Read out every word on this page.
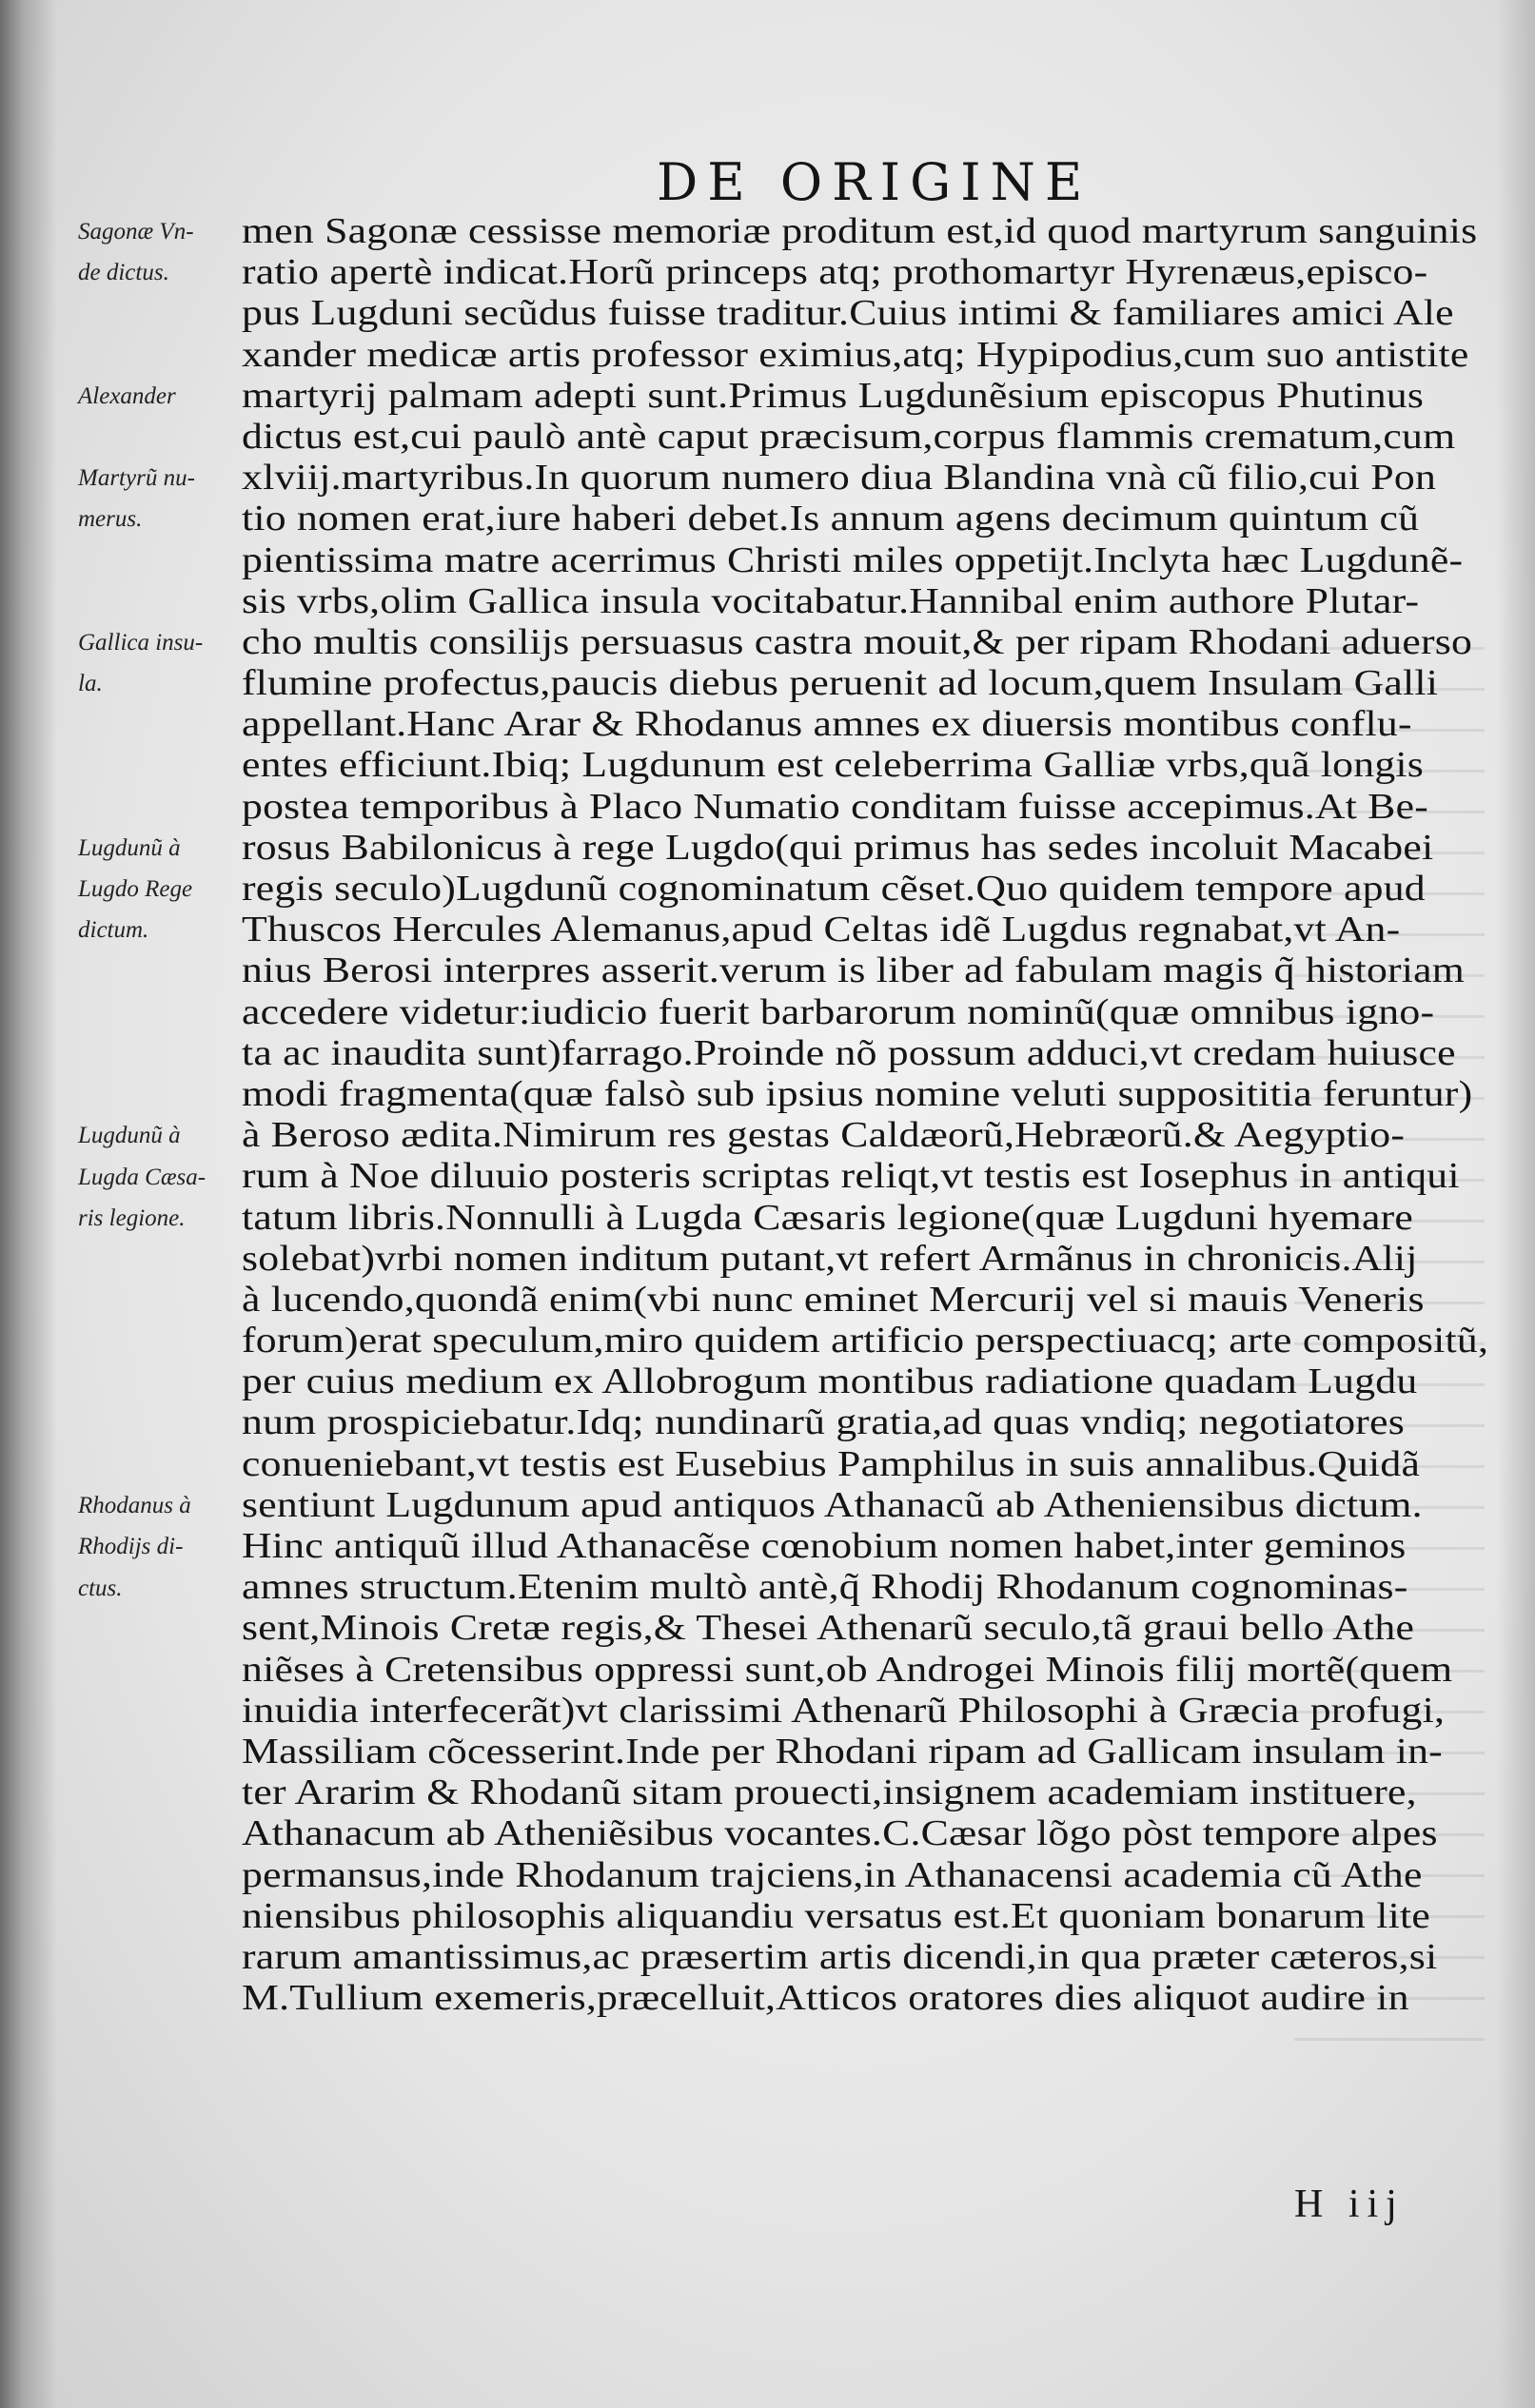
DE ORIGINE
Sagonæ Vn-
de dictus.
Alexander
Martyrũ nu-
merus.
Gallica insu-
la.
Lugdunũ à
Lugdo Rege
dictum.
Lugdunũ à
Lugda Cæsa-
ris legione.
Rhodanus à
Rhodijs di-
ctus.
men Sagonæ cessisse memoriæ proditum est,id quod martyrum sanguinis
ratio apertè indicat.Horũ princeps atq; prothomartyr Hyrenæus,episco-
pus Lugduni secũdus fuisse traditur.Cuius intimi & familiares amici Ale
xander medicæ artis professor eximius,atq; Hypipodius,cum suo antistite
martyrij palmam adepti sunt.Primus Lugdunẽsium episcopus Phutinus
dictus est,cui paulò antè caput præcisum,corpus flammis crematum,cum
xlviij.martyribus.In quorum numero diua Blandina vnà cũ filio,cui Pon
tio nomen erat,iure haberi debet.Is annum agens decimum quintum cũ
pientissima matre acerrimus Christi miles oppetijt.Inclyta hæc Lugdunẽ-
sis vrbs,olim Gallica insula vocitabatur.Hannibal enim authore Plutar-
cho multis consilijs persuasus castra mouit,& per ripam Rhodani aduerso
flumine profectus,paucis diebus peruenit ad locum,quem Insulam Galli
appellant.Hanc Arar & Rhodanus amnes ex diuersis montibus conflu-
entes efficiunt.Ibiq; Lugdunum est celeberrima Galliæ vrbs,quã longis
postea temporibus à Placo Numatio conditam fuisse accepimus.At Be-
rosus Babilonicus à rege Lugdo(qui primus has sedes incoluit Macabei
regis seculo)Lugdunũ cognominatum cẽset.Quo quidem tempore apud
Thuscos Hercules Alemanus,apud Celtas idẽ Lugdus regnabat,vt An-
nius Berosi interpres asserit.verum is liber ad fabulam magis q̃ historiam
accedere videtur:iudicio fuerit barbarorum nominũ(quæ omnibus igno-
ta ac inaudita sunt)farrago.Proinde nõ possum adduci,vt credam huiusce
modi fragmenta(quæ falsò sub ipsius nomine veluti supposititia feruntur)
à Beroso ædita.Nimirum res gestas Caldæorũ,Hebræorũ.& Aegyptio-
rum à Noe diluuio posteris scriptas reliqt,vt testis est Iosephus in antiqui
tatum libris.Nonnulli à Lugda Cæsaris legione(quæ Lugduni hyemare
solebat)vrbi nomen inditum putant,vt refert Armãnus in chronicis.Alij
à lucendo,quondã enim(vbi nunc eminet Mercurij vel si mauis Veneris
forum)erat speculum,miro quidem artificio perspectiuacq; arte compositũ,
per cuius medium ex Allobrogum montibus radiatione quadam Lugdu
num prospiciebatur.Idq; nundinarũ gratia,ad quas vndiq; negotiatores
conueniebant,vt testis est Eusebius Pamphilus in suis annalibus.Quidã
sentiunt Lugdunum apud antiquos Athanacũ ab Atheniensibus dictum.
Hinc antiquũ illud Athanacẽse cœnobium nomen habet,inter geminos
amnes structum.Etenim multò antè,q̃ Rhodij Rhodanum cognominas-
sent,Minois Cretæ regis,& Thesei Athenarũ seculo,tã graui bello Athe
niẽses à Cretensibus oppressi sunt,ob Androgei Minois filij mortẽ(quem
inuidia interfecerãt)vt clarissimi Athenarũ Philosophi à Græcia profugi,
Massiliam cõcesserint.Inde per Rhodani ripam ad Gallicam insulam in-
ter Ararim & Rhodanũ sitam prouecti,insignem academiam instituere,
Athanacum ab Atheniẽsibus vocantes.C.Cæsar lõgo pòst tempore alpes
permansus,inde Rhodanum trajciens,in Athanacensi academia cũ Athe
niensibus philosophis aliquandiu versatus est.Et quoniam bonarum lite
rarum amantissimus,ac præsertim artis dicendi,in qua præter cæteros,si
M.Tullium exemeris,præcelluit,Atticos oratores dies aliquot audire in
H iij
